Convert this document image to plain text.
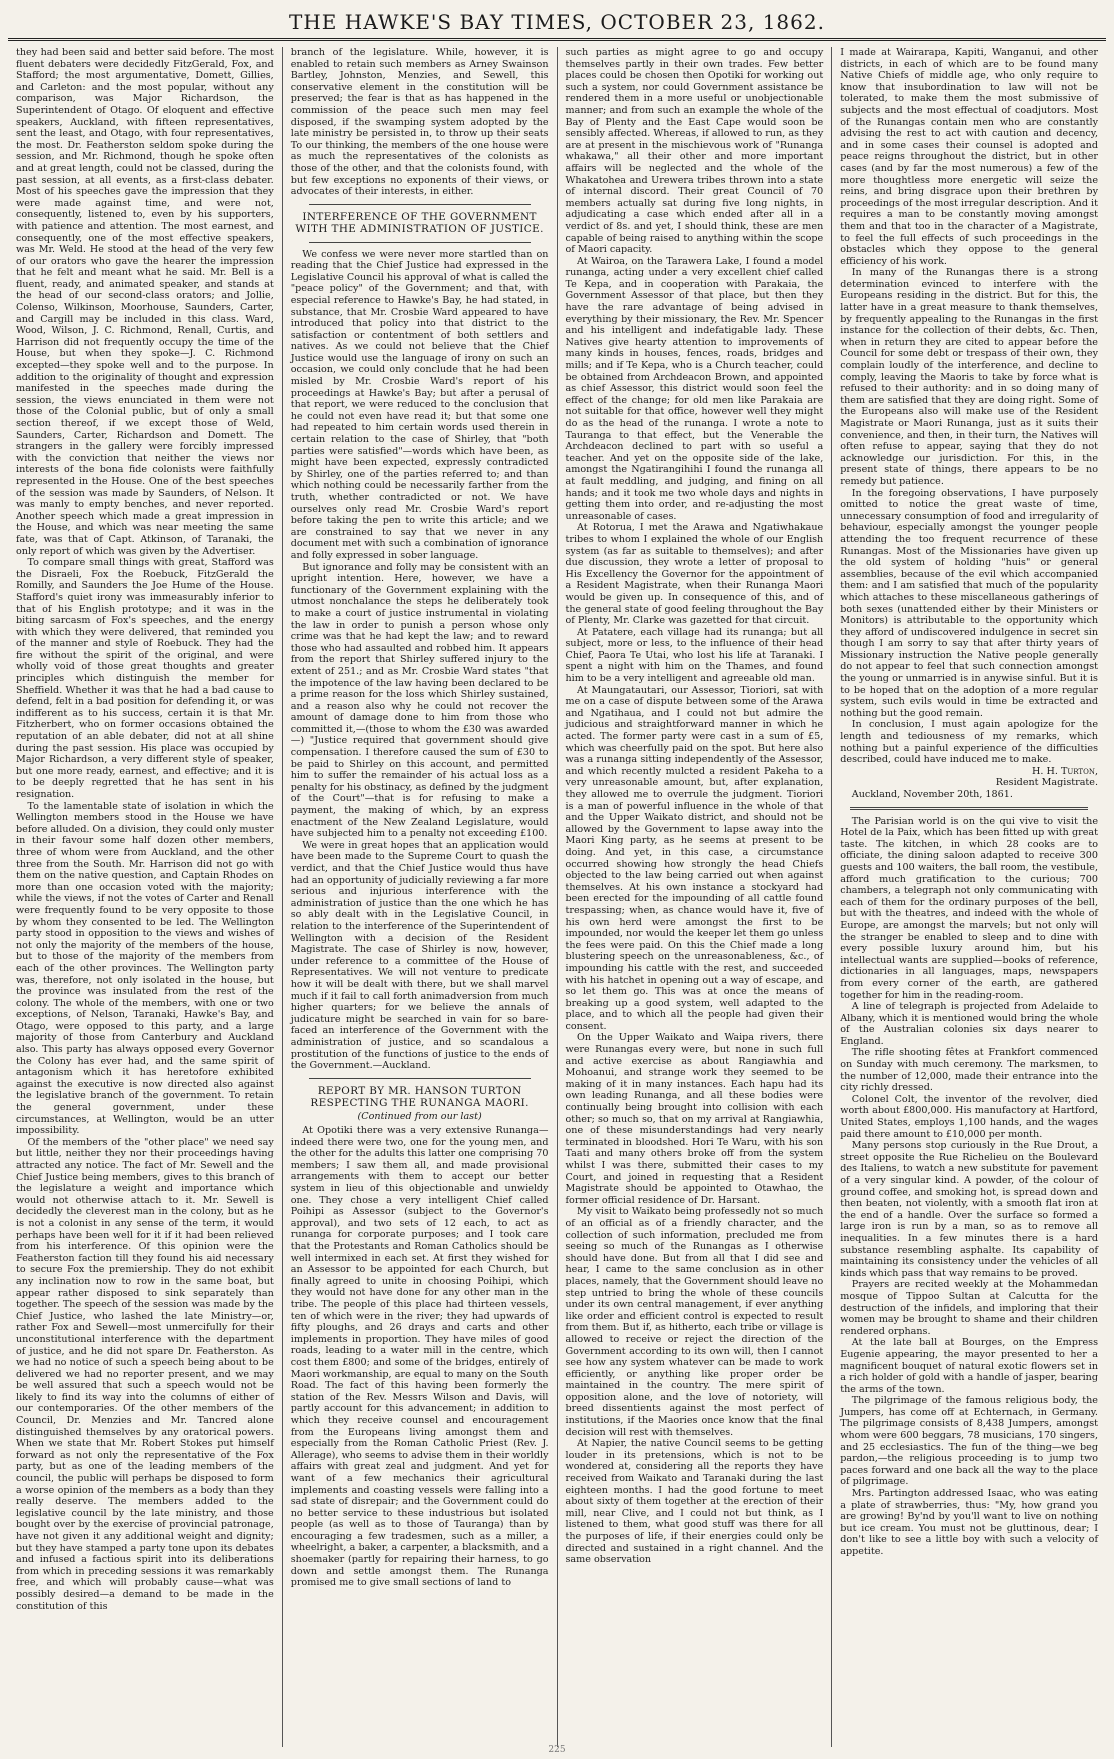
THE HAWKE'S BAY TIMES, OCTOBER 23, 1862.

they had been said and better said before. The most fluent debaters were decidedly FitzGerald, Fox, and Stafford; the most argumentative, Domett, Gillies, and Carleton: and the most popular, without any comparison, was Major Richardson, the Superintendent of Otago. Of eloquent and effective speakers, Auckland, with fifteen representatives, sent the least, and Otago, with four representatives, the most. Dr. Featherston seldom spoke during the session, and Mr. Richmond, though he spoke often and at great length, could not be classed, during the past session, at all events, as a first-class debater. Most of his speeches gave the impression that they were made against time, and were not, consequently, listened to, even by his supporters, with patience and attention. The most earnest, and consequently, one of the most effective speakers, was Mr. Weld. He stood at the head of the very few of our orators who gave the hearer the impression that he felt and meant what he said. Mr. Bell is a fluent, ready, and animated speaker, and stands at the head of our second-class orators; and Jollie, Colenso, Wilkinson, Moorhouse, Saunders, Carter, and Cargill may be included in this class. Ward, Wood, Wilson, J. C. Richmond, Renall, Curtis, and Harrison did not frequently occupy the time of the House, but when they spoke—J. C. Richmond excepted—they spoke well and to the purpose. In addition to the originality of thought and expression manifested in the speeches made during the session, the views enunciated in them were not those of the Colonial public, but of only a small section thereof, if we except those of Weld, Saunders, Carter, Richardson and Domett. The strangers in the gallery were forcibly impressed with the conviction that neither the views nor interests of the bona fide colonists were faithfully represented in the House. One of the best speeches of the session was made by Saunders, of Nelson. It was manly to empty benches, and never reported. Another speech which made a great impression in the House, and which was near meeting the same fate, was that of Capt. Atkinson, of Taranaki, the only report of which was given by the Advertiser.

To compare small things with great, Stafford was the Disraeli, Fox the Roebuck, FitzGerald the Romilly, and Saunders the Joe Hume of the House. Stafford's quiet irony was immeasurably inferior to that of his English prototype; and it was in the biting sarcasm of Fox's speeches, and the energy with which they were delivered, that reminded you of the manner and style of Roebuck. They had the fire without the spirit of the original, and were wholly void of those great thoughts and greater principles which distinguish the member for Sheffield. Whether it was that he had a bad cause to defend, felt in a bad position for defending it, or was indifferent as to his success, certain it is that Mr. Fitzherbert, who on former occasions obtained the reputation of an able debater, did not at all shine during the past session. His place was occupied by Major Richardson, a very different style of speaker, but one more ready, earnest, and effective; and it is to be deeply regretted that he has sent in his resignation.

To the lamentable state of isolation in which the Wellington members stood in the House we have before alluded. On a division, they could only muster in their favour some half dozen other members, three of whom were from Auckland, and the other three from the South. Mr. Harrison did not go with them on the native question, and Captain Rhodes on more than one occasion voted with the majority; while the views, if not the votes of Carter and Renall were frequently found to be very opposite to those by whom they consented to be led. The Wellington party stood in opposition to the views and wishes of not only the majority of the members of the house, but to those of the majority of the members from each of the other provinces. The Wellington party was, therefore, not only isolated in the house, but the province was insulated from the rest of the colony. The whole of the members, with one or two exceptions, of Nelson, Taranaki, Hawke's Bay, and Otago, were opposed to this party, and a large majority of those from Canterbury and Auckland also. This party has always opposed every Governor the Colony has ever had, and the same spirit of antagonism which it has heretofore exhibited against the executive is now directed also against the legislative branch of the government. To retain the general government, under these circumstances, at Wellington, would be an utter impossibility.

Of the members of the "other place" we need say but little, neither they nor their proceedings having attracted any notice. The fact of Mr. Sewell and the Chief Justice being members, gives to this branch of the legislature a weight and importance which would not otherwise attach to it. Mr. Sewell is decidedly the cleverest man in the colony, but as he is not a colonist in any sense of the term, it would perhaps have been well for it if it had been relieved from his interference. Of this opinion were the Featherston faction till they found his aid necessary to secure Fox the premiership. They do not exhibit any inclination now to row in the same boat, but appear rather disposed to sink separately than together. The speech of the session was made by the Chief Justice, who lashed the late Ministry—or, rather Fox and Sewell—most unmercifully for their unconstitutional interference with the department of justice, and he did not spare Dr. Featherston. As we had no notice of such a speech being about to be delivered we had no reporter present, and we may be well assured that such a speech would not be likely to find its way into the columns of either of our contemporaries. Of the other members of the Council, Dr. Menzies and Mr. Tancred alone distinguished themselves by any oratorical powers. When we state that Mr. Robert Stokes put himself forward as not only the representative of the Fox party, but as one of the leading members of the council, the public will perhaps be disposed to form a worse opinion of the members as a body than they really deserve. The members added to the legislative council by the late ministry, and those bought over by the exercise of provincial patronage, have not given it any additional weight and dignity; but they have stamped a party tone upon its debates and infused a factious spirit into its deliberations from which in preceding sessions it was remarkably free, and which will probably cause—what was possibly desired—a demand to be made in the constitution of this

branch of the legislature. While, however, it is enabled to retain such members as Arney Swainson Bartley, Johnston, Menzies, and Sewell, this conservative element in the constitution will be preserved; the fear is that as has happened in the commission of the peace such men may feel disposed, if the swamping system adopted by the late ministry be persisted in, to throw up their seats To our thinking, the members of the one house were as much the representatives of the colonists as those of the other, and that the colonists found, with but few exceptions no exponents of their views, or advocates of their interests, in either.

INTERFERENCE OF THE GOVERNMENT WITH THE ADMINISTRATION OF JUSTICE.

We confess we were never more startled than on reading that the Chief Justice had expressed in the Legislative Council his approval of what is called the "peace policy" of the Government; and that, with especial reference to Hawke's Bay, he had stated, in substance, that Mr. Crosbie Ward appeared to have introduced that policy into that district to the satisfaction or contentment of both settlers and natives. As we could not believe that the Chief Justice would use the language of irony on such an occasion, we could only conclude that he had been misled by Mr. Crosbie Ward's report of his proceedings at Hawke's Bay; but after a perusal of that report, we were reduced to the conclusion that he could not even have read it; but that some one had repeated to him certain words used therein in certain relation to the case of Shirley, that "both parties were satisfied"—words which have been, as might have been expected, expressly contradicted by Shirley, one of the parties referred to; and than which nothing could be necessarily farther from the truth, whether contradicted or not. We have ourselves only read Mr. Crosbie Ward's report before taking the pen to write this article; and we are constrained to say that we never in any document met with such a combination of ignorance and folly expressed in sober language.

But ignorance and folly may be consistent with an upright intention. Here, however, we have a functionary of the Government explaining with the utmost nonchalance the steps he deliberately took to make a court of justice instrumental in violating the law in order to punish a person whose only crime was that he had kept the law; and to reward those who had assaulted and robbed him. It appears from the report that Shirley suffered injury to the extent of 251.; and as Mr. Crosbie Ward states "that the impotence of the law having been declared to be a prime reason for the loss which Shirley sustained, and a reason also why he could not recover the amount of damage done to him from those who committed it,—(those to whom the £30 was awarded—) "Justice required that government should give compensation. I therefore caused the sum of £30 to be paid to Shirley on this account, and permitted him to suffer the remainder of his actual loss as a penalty for his obstinacy, as defined by the judgment of the Court"—that is for refusing to make a payment, the making of which, by an express enactment of the New Zealand Legislature, would have subjected him to a penalty not exceeding £100.

We were in great hopes that an application would have been made to the Supreme Court to quash the verdict, and that the Chief Justice would thus have had an opportunity of judicially reviewing a far more serious and injurious interference with the administration of justice than the one which he has so ably dealt with in the Legislative Council, in relation to the interference of the Superintendent of Wellington with a decision of the Resident Magistrate. The case of Shirley is now, however, under reference to a committee of the House of Representatives. We will not venture to predicate how it will be dealt with there, but we shall marvel much if it fail to call forth animadversion from much higher quarters; for we believe the annals of judicature might be searched in vain for so bare-faced an interference of the Government with the administration of justice, and so scandalous a prostitution of the functions of justice to the ends of the Government.—Auckland.

REPORT BY MR. HANSON TURTON RESPECTING THE RUNANGA MAORI.
(Continued from our last)

At Opotiki there was a very extensive Runanga—indeed there were two, one for the young men, and the other for the adults this latter one comprising 70 members; I saw them all, and made provisional arrangements with them to accept our better system in lieu of this objectionable and unwieldy one. They chose a very intelligent Chief called Poihipi as Assessor (subject to the Governor's approval), and two sets of 12 each, to act as runanga for corporate purposes; and I took care that the Protestants and Roman Catholics should be well intermixed in each set. At first they wished for an Assessor to be appointed for each Church, but finally agreed to unite in choosing Poihipi, which they would not have done for any other man in the tribe. The people of this place had thirteen vessels, ten of which were in the river; they had upwards of fifty ploughs, and 26 drays and carts and other implements in proportion. They have miles of good roads, leading to a water mill in the centre, which cost them £800; and some of the bridges, entirely of Maori workmanship, are equal to many on the South Road. The fact of this having been formerly the station of the Rev. Messrs Wilson and Davis, will partly account for this advancement; in addition to which they receive counsel and encouragement from the Europeans living amongst them and especially from the Roman Catholic Priest (Rev. J. Allerage), who seems to advise them in their worldly affairs with great zeal and judgment. And yet for want of a few mechanics their agricultural implements and coasting vessels were falling into a sad state of disrepair; and the Government could do no better service to these industrious but isolated people (as well as to those of Tauranga) than by encouraging a few tradesmen, such as a miller, a wheelright, a baker, a carpenter, a blacksmith, and a shoemaker (partly for repairing their harness, to go down and settle amongst them. The Runanga promised me to give small sections of land to

such parties as might agree to go and occupy themselves partly in their own trades. Few better places could be chosen then Opotiki for working out such a system, nor could Government assistance be rendered them in a more useful or unobjectionable manner; and from such an example the whole of the Bay of Plenty and the East Cape would soon be sensibly affected. Whereas, if allowed to run, as they are at present in the mischievous work of "Runanga whakawa," all their other and more important affairs will be neglected and the whole of the Whakatohea and Urewera tribes thrown into a state of internal discord. Their great Council of 70 members actually sat during five long nights, in adjudicating a case which ended after all in a verdict of 8s. and yet, I should think, these are men capable of being raised to anything within the scope of Maori capacity.

At Wairoa, on the Tarawera Lake, I found a model runanga, acting under a very excellent chief called Te Kepa, and in cooperation with Parakaia, the Government Assessor of that place, but then they have the rare advantage of being advised in everything by their missionary, the Rev. Mr. Spencer and his intelligent and indefatigable lady. These Natives give hearty attention to improvements of many kinds in houses, fences, roads, bridges and mills; and if Te Kepa, who is a Church teacher, could be obtained from Archdeacon Brown, and appointed as chief Assessor, this district would soon feel the effect of the change; for old men like Parakaia are not suitable for that office, however well they might do as the head of the runanga. I wrote a note to Tauranga to that effect, but the Venerable the Archdeacon declined to part with so useful a teacher. And yet on the opposite side of the lake, amongst the Ngatirangihihi I found the runanga all at fault meddling, and judging, and fining on all hands; and it took me two whole days and nights in getting them into order, and re-adjusting the most unreasonable of cases.

At Rotorua, I met the Arawa and Ngatiwhakaue tribes to whom I explained the whole of our English system (as far as suitable to themselves); and after due discussion, they wrote a letter of proposal to His Excellency the Governor for the appointment of a Resident Magistrate, when their Runanga Maori would be given up. In consequence of this, and of the general state of good feeling throughout the Bay of Plenty, Mr. Clarke was gazetted for that circuit.

At Patatere, each village had its runanga; but all subject, more or less, to the influence of their head Chief, Paora Te Utai, who lost his life at Taranaki. I spent a night with him on the Thames, and found him to be a very intelligent and agreeable old man.

At Maungatautari, our Assessor, Tioriori, sat with me on a case of dispute between some of the Arawa and Ngatihaua, and I could not but admire the judicious and straightforward manner in which he acted. The former party were cast in a sum of £5, which was cheerfully paid on the spot. But here also was a runanga sitting independently of the Assessor, and which recently mulcted a resident Pakeha to a very unreasonable amount, but, after explanation, they allowed me to overrule the judgment. Tioriori is a man of powerful influence in the whole of that and the Upper Waikato district, and should not be allowed by the Government to lapse away into the Maori King party, as he seems at present to be doing. And yet, in this case, a circumstance occurred showing how strongly the head Chiefs objected to the law being carried out when against themselves. At his own instance a stockyard had been erected for the impounding of all cattle found trespassing; when, as chance would have it, five of his own herd were amongst the first to be impounded, nor would the keeper let them go unless the fees were paid. On this the Chief made a long blustering speech on the unreasonableness, &c., of impounding his cattle with the rest, and succeeded with his hatchet in opening out a way of escape, and so let them go. This was at once the means of breaking up a good system, well adapted to the place, and to which all the people had given their consent.

On the Upper Waikato and Waipa rivers, there were Runangas every were, but none in such full and active exercise as about Rangiawhia and Mohoanui, and strange work they seemed to be making of it in many instances. Each hapu had its own leading Runanga, and all these bodies were continually being brought into collision with each other; so much so, that on my arrival at Rangiawhia, one of these misunderstandings had very nearly terminated in bloodshed. Hori Te Waru, with his son Taati and many others broke off from the system whilst I was there, submitted their cases to my Court, and joined in requesting that a Resident Magistrate should be appointed to Otawhao, the former official residence of Dr. Harsant.

My visit to Waikato being professedly not so much of an official as of a friendly character, and the collection of such information, precluded me from seeing so much of the Runangas as I otherwise should have done. But from all that I did see and hear, I came to the same conclusion as in other places, namely, that the Government should leave no step untried to bring the whole of these councils under its own central management, if ever anything like order and efficient control is expected to result from them. But if, as hitherto, each tribe or village is allowed to receive or reject the direction of the Government according to its own will, then I cannot see how any system whatever can be made to work efficiently, or anything like proper order be maintained in the country. The mere spirit of opposition alone, and the love of notoriety, will breed dissentients against the most perfect of institutions, if the Maories once know that the final decision will rest with themselves.

At Napier, the native Council seems to be getting louder in its pretensions, which is not to be wondered at, considering all the reports they have received from Waikato and Taranaki during the last eighteen months. I had the good fortune to meet about sixty of them together at the erection of their mill, near Clive, and I could not but think, as I listened to them, what good stuff was there for all the purposes of life, if their energies could only be directed and sustained in a right channel. And the same observation

I made at Wairarapa, Kapiti, Wanganui, and other districts, in each of which are to be found many Native Chiefs of middle age, who only require to know that insubordination to law will not be tolerated, to make them the most submissive of subjects and the most effectual of coadjutors. Most of the Runangas contain men who are constantly advising the rest to act with caution and decency, and in some cases their counsel is adopted and peace reigns throughout the district, but in other cases (and by far the most numerous) a few of the more thoughtless more energetic will seize the reins, and bring disgrace upon their brethren by proceedings of the most irregular description. And it requires a man to be constantly moving amongst them and that too in the character of a Magistrate, to feel the full effects of such proceedings in the obstacles which they oppose to the general efficiency of his work.

In many of the Runangas there is a strong determination evinced to interfere with the Europeans residing in the district. But for this, the latter have in a great measure to thank themselves, by frequently appealing to the Runangas in the first instance for the collection of their debts, &c. Then, when in return they are cited to appear before the Council for some debt or trespass of their own, they complain loudly of the interference, and decline to comply, leaving the Maoris to take by force what is refused to their authority: and in so doing many of them are satisfied that they are doing right. Some of the Europeans also will make use of the Resident Magistrate or Maori Runanga, just as it suits their convenience, and then, in their turn, the Natives will often refuse to appear, saying that they do not acknowledge our jurisdiction. For this, in the present state of things, there appears to be no remedy but patience.

In the foregoing observations, I have purposely omitted to notice the great waste of time, unnecessary consumption of food and irregularity of behaviour, especially amongst the younger people attending the too frequent recurrence of these Runangas. Most of the Missionaries have given up the old system of holding "huis" or general assemblies, because of the evil which accompanied them: and I am satisfied that much of the popularity which attaches to these miscellaneous gatherings of both sexes (unattended either by their Ministers or Monitors) is attributable to the opportunity which they afford of undiscovered indulgence in secret sin though I am sorry to say that after thirty years of Missionary instruction the Native people generally do not appear to feel that such connection amongst the young or unmarried is in anywise sinful. But it is to be hoped that on the adoption of a more regular system, such evils would in time be extracted and nothing but the good remain.

In conclusion, I must again apologize for the length and tediousness of my remarks, which nothing but a painful experience of the difficulties described, could have induced me to make.

H. H. Turton,

Resident Magistrate.

Auckland, November 20th, 1861.

The Parisian world is on the qui vive to visit the Hotel de la Paix, which has been fitted up with great taste. The kitchen, in which 28 cooks are to officiate, the dining saloon adapted to receive 300 guests and 100 waiters, the ball room, the vestibule, afford much gratification to the curious; 700 chambers, a telegraph not only communicating with each of them for the ordinary purposes of the bell, but with the theatres, and indeed with the whole of Europe, are amongst the marvels; but not only will the stranger be enabled to sleep and to dine with every possible luxury around him, but his intellectual wants are supplied—books of reference, dictionaries in all languages, maps, newspapers from every corner of the earth, are gathered together for him in the reading-room.

A line of telegraph is projected from Adelaide to Albany, which it is mentioned would bring the whole of the Australian colonies six days nearer to England.

The rifle shooting fêtes at Frankfort commenced on Sunday with much ceremony. The marksmen, to the number of 12,000, made their entrance into the city richly dressed.

Colonel Colt, the inventor of the revolver, died worth about £800,000. His manufactory at Hartford, United States, employs 1,100 hands, and the wages paid there amount to £10,000 per month.

Many persons stop curiously in the Rue Drout, a street opposite the Rue Richelieu on the Boulevard des Italiens, to watch a new substitute for pavement of a very singular kind. A powder, of the colour of ground coffee, and smoking hot, is spread down and then beaten, not violently, with a smooth flat iron at the end of a handle. Over the surface so formed a large iron is run by a man, so as to remove all inequalities. In a few minutes there is a hard substance resembling asphalte. Its capability of maintaining its consistency under the vehicles of all kinds which pass that way remains to be proved.

Prayers are recited weekly at the Mohammedan mosque of Tippoo Sultan at Calcutta for the destruction of the infidels, and imploring that their women may be brought to shame and their children rendered orphans.

At the late ball at Bourges, on the Empress Eugenie appearing, the mayor presented to her a magnificent bouquet of natural exotic flowers set in a rich holder of gold with a handle of jasper, bearing the arms of the town.

The pilgrimage of the famous religious body, the Jumpers, has come off at Echternach, in Germany. The pilgrimage consists of 8,438 Jumpers, amongst whom were 600 beggars, 78 musicians, 170 singers, and 25 ecclesiastics. The fun of the thing—we beg pardon,—the religious proceeding is to jump two paces forward and one back all the way to the place of pilgrimage.

Mrs. Partington addressed Isaac, who was eating a plate of strawberries, thus: "My, how grand you are growing! By'nd by you'll want to live on nothing but ice cream. You must not be gluttinous, dear; I don't like to see a little boy with such a velocity of appetite.

225
